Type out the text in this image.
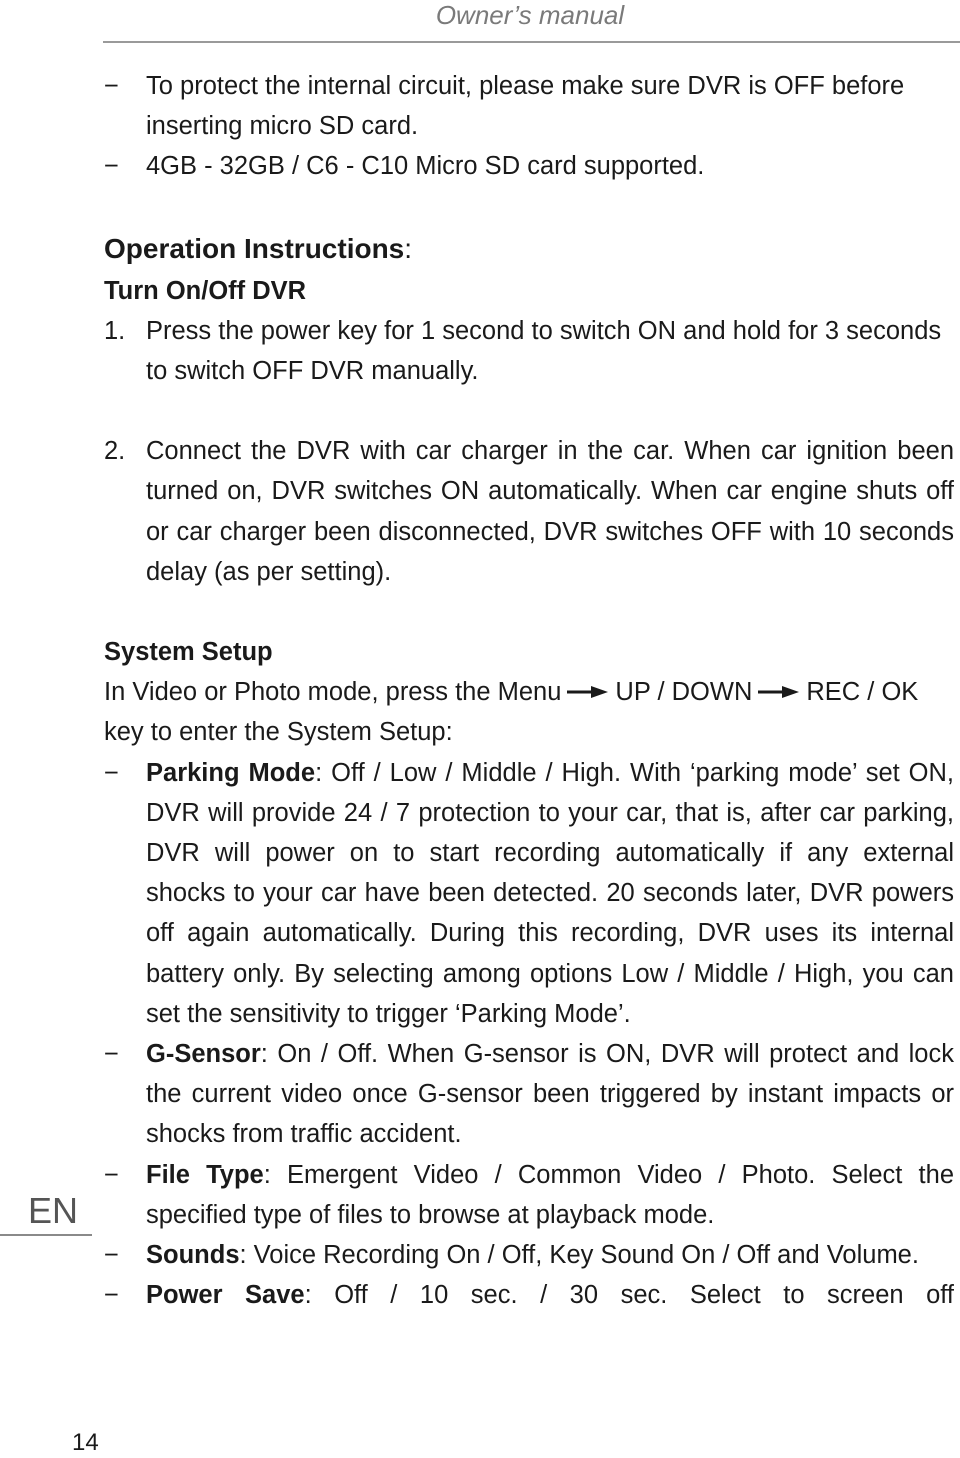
Owner’s manual
−	To protect the internal circuit, please make sure DVR is OFF before inserting micro SD card.
−	4GB - 32GB / C6 - C10 Micro SD card supported.
Operation Instructions:
Turn On/Off DVR
1. Press the power key for 1 second to switch ON and hold for 3 seconds to switch OFF DVR manually.
2. Connect the DVR with car charger in the car. When car ignition been turned on, DVR switches ON automatically. When car engine shuts off or car charger been disconnected, DVR switches OFF with 10 seconds delay (as per setting).
System Setup
In Video or Photo mode, press the Menu UP / DOWN REC / OK key to enter the System Setup:
−	Parking Mode: Off / Low / Middle / High. With ‘parking mode’ set ON, DVR will provide 24 / 7 protection to your car, that is, after car parking, DVR will power on to start recording automatically if any external shocks to your car have been detected. 20 seconds later, DVR powers off again automatically. During this recording, DVR uses its internal battery only. By selecting among options Low / Middle / High, you can set the sensitivity to trigger ‘Parking Mode’.
−	G-Sensor: On / Off. When G-sensor is ON, DVR will protect and lock the current video once G-sensor been triggered by instant impacts or shocks from traffic accident.
−	File Type: Emergent Video / Common Video / Photo. Select the specified type of files to browse at playback mode.
−	Sounds: Voice Recording On / Off, Key Sound On / Off and Volume.
−	Power Save: Off / 10 sec. / 30 sec. Select to screen off
EN
14
